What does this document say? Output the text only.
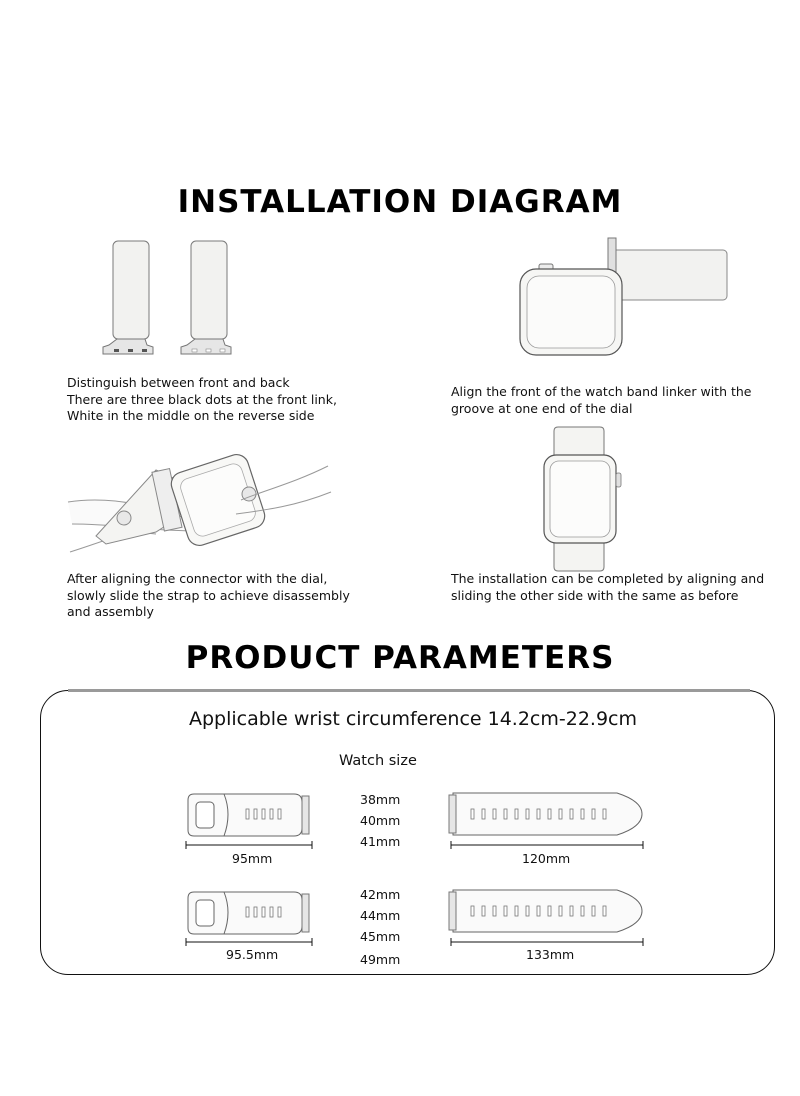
INSTALLATION DIAGRAM
Distinguish between front and back
There are three black dots at the front link,
White in the middle on the reverse side
Align the front of the watch band linker with the
groove at one end of the dial
After aligning the connector with the dial,
slowly slide the strap to achieve disassembly
and assembly
The installation can be completed by aligning and
sliding the other side with the same as before
PRODUCT PARAMETERS
Applicable wrist circumference 14.2cm-22.9cm
Watch size
95mm
38mm
40mm
41mm
120mm
95.5mm
42mm
44mm
45mm
49mm	133mm
